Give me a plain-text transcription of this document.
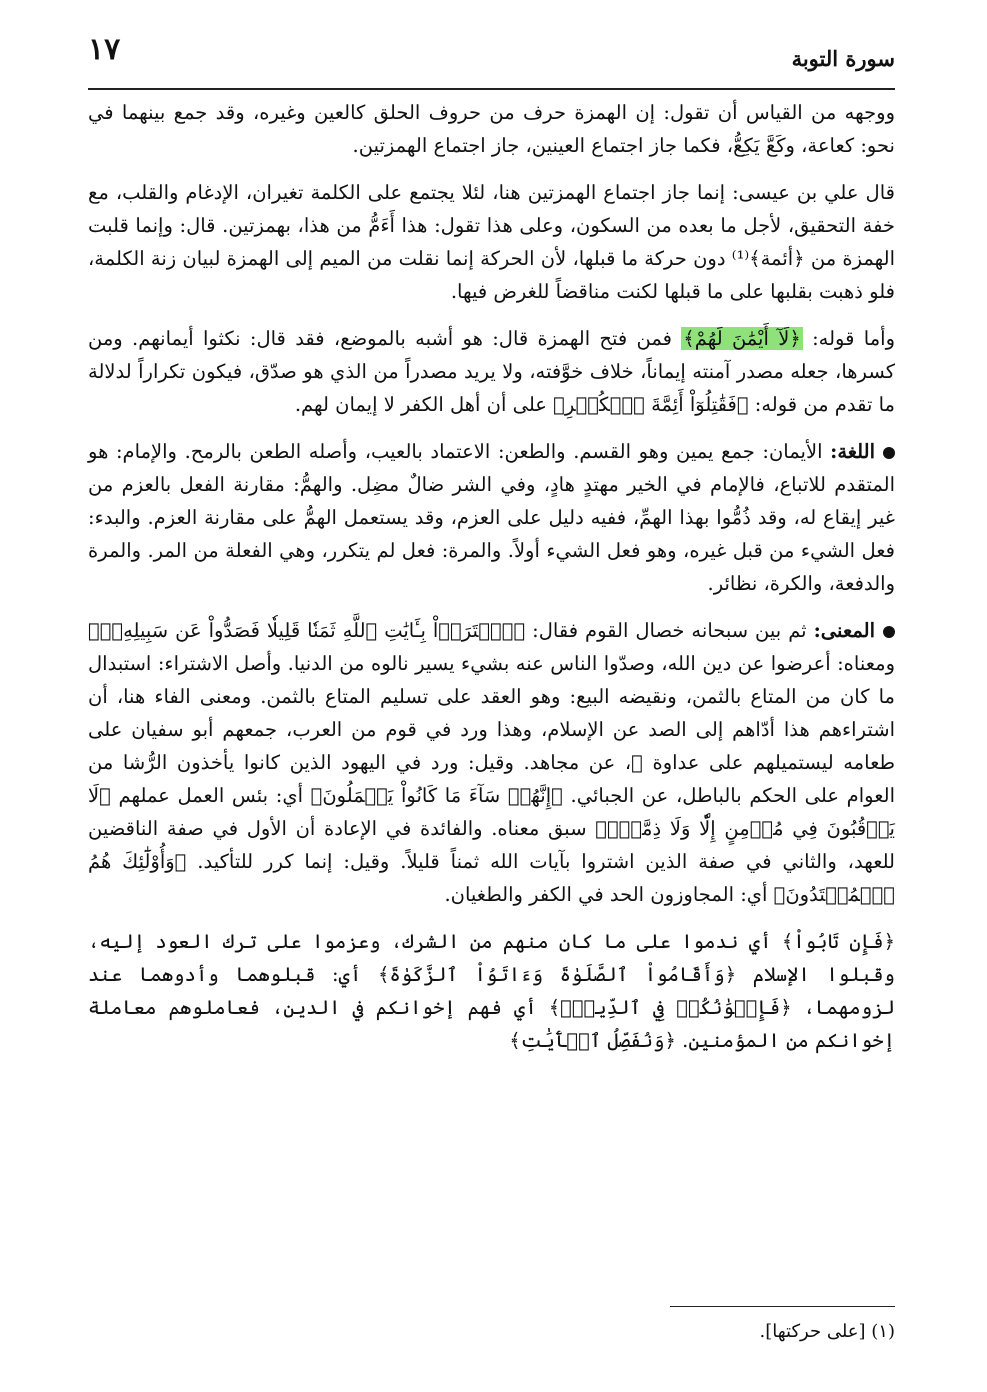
سورة التوبة
١٧

ووجهه من القياس أن تقول: إن الهمزة حرف من حروف الحلق كالعين وغيره، وقد جمع بينهما في نحو: كعاعة، وكَعَّ يَكِعُّ، فكما جاز اجتماع العينين، جاز اجتماع الهمزتين.

قال علي بن عيسى: إنما جاز اجتماع الهمزتين هنا، لئلا يجتمع على الكلمة تغيران، الإدغام والقلب، مع خفة التحقيق، لأجل ما بعده من السكون، وعلى هذا تقول: هذا أَءَمُّ من هذا، بهمزتين. قال: وإنما قلبت الهمزة من ﴿أئمة﴾⁽¹⁾ دون حركة ما قبلها، لأن الحركة إنما نقلت من الميم إلى الهمزة لبيان زنة الكلمة، فلو ذهبت بقلبها على ما قبلها لكنت مناقضاً للغرض فيها.

وأما قوله: ﴿لَآ أَيْمَٰنَ لَهُمْ﴾ فمن فتح الهمزة قال: هو أشبه بالموضع، فقد قال: نكثوا أيمانهم. ومن كسرها، جعله مصدر آمنته إيماناً، خلاف خوَّفته، ولا يريد مصدراً من الذي هو صدّق، فيكون تكراراً لدلالة ما تقدم من قوله: ﴿فَقَٰتِلُوٓاْ أَئِمَّةَ ٱلۡكُفۡرِ﴾ على أن أهل الكفر لا إيمان لهم.

اللغة: الأيمان: جمع يمين وهو القسم. والطعن: الاعتماد بالعيب، وأصله الطعن بالرمح. والإمام: هو المتقدم للاتباع، فالإمام في الخير مهتدٍ هادٍ، وفي الشر ضالٌ مضِل. والهمُّ: مقارنة الفعل بالعزم من غير إيقاع له، وقد ذُمُّوا بهذا الهمِّ، ففيه دليل على العزم، وقد يستعمل الهمُّ على مقارنة العزم. والبدء: فعل الشيء من قبل غيره، وهو فعل الشيء أولاً. والمرة: فعل لم يتكرر، وهي الفعلة من المر. والمرة والدفعة، والكرة، نظائر.

المعنى: ثم بين سبحانه خصال القوم فقال: ﴿ٱشۡتَرَوۡاْ بِـَٔايَٰتِ ٱللَّهِ ثَمَنٗا قَلِيلٗا فَصَدُّواْ عَن سَبِيلِهِۦٓ﴾ ومعناه: أعرضوا عن دين الله، وصدّوا الناس عنه بشيء يسير نالوه من الدنيا. وأصل الاشتراء: استبدال ما كان من المتاع بالثمن، ونقيضه البيع: وهو العقد على تسليم المتاع بالثمن. ومعنى الفاء هنا، أن اشتراءهم هذا أدّاهم إلى الصد عن الإسلام، وهذا ورد في قوم من العرب، جمعهم أبو سفيان على طعامه ليستميلهم على عداوة ﷺ، عن مجاهد. وقيل: ورد في اليهود الذين كانوا يأخذون الرُّشا من العوام على الحكم بالباطل، عن الجبائي. ﴿إِنَّهُمۡ سَآءَ مَا كَانُواْ يَعۡمَلُونَ﴾ أي: بئس العمل عملهم ﴿لَا يَرۡقُبُونَ فِي مُؤۡمِنٍ إِلّٗا وَلَا ذِمَّةٗۚ﴾ سبق معناه. والفائدة في الإعادة أن الأول في صفة الناقضين للعهد، والثاني في صفة الذين اشتروا بآيات الله ثمناً قليلاً. وقيل: إنما كرر للتأكيد. ﴿وَأُوْلَٰٓئِكَ هُمُ ٱلۡمُعۡتَدُونَ﴾ أي: المجاوزون الحد في الكفر والطغيان.

﴿فَإِن تَابُواْ﴾ أي ندموا على ما كان منهم من الشرك، وعزموا على ترك العود إليه، وقبلوا الإسلام ﴿وَأَقَامُواْ ٱلصَّلَوٰةَ وَءَاتَوُاْ ٱلزَّكَوٰةَ﴾ أي: قبلوهما وأدوهما عند لزومهما، ﴿فَإِخۡوَٰنُكُمۡ فِي ٱلدِّينِۗ﴾ أي فهم إخوانكم في الدين، فعاملوهم معاملة إخوانكم من المؤمنين. ﴿وَنُفَصِّلُ ٱلۡأٓيَٰتِ﴾

(١) [على حركتها].
